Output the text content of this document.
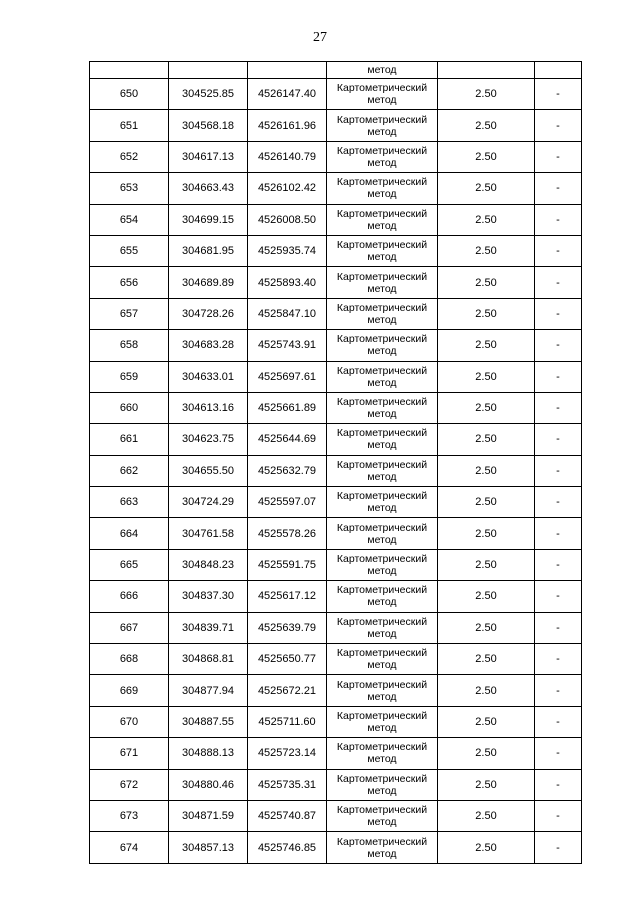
27
			метод		
650	304525.85	4526147.40	Картометрический
метод	2.50	-
651	304568.18	4526161.96	Картометрический
метод	2.50	-
652	304617.13	4526140.79	Картометрический
метод	2.50	-
653	304663.43	4526102.42	Картометрический
метод	2.50	-
654	304699.15	4526008.50	Картометрический
метод	2.50	-
655	304681.95	4525935.74	Картометрический
метод	2.50	-
656	304689.89	4525893.40	Картометрический
метод	2.50	-
657	304728.26	4525847.10	Картометрический
метод	2.50	-
658	304683.28	4525743.91	Картометрический
метод	2.50	-
659	304633.01	4525697.61	Картометрический
метод	2.50	-
660	304613.16	4525661.89	Картометрический
метод	2.50	-
661	304623.75	4525644.69	Картометрический
метод	2.50	-
662	304655.50	4525632.79	Картометрический
метод	2.50	-
663	304724.29	4525597.07	Картометрический
метод	2.50	-
664	304761.58	4525578.26	Картометрический
метод	2.50	-
665	304848.23	4525591.75	Картометрический
метод	2.50	-
666	304837.30	4525617.12	Картометрический
метод	2.50	-
667	304839.71	4525639.79	Картометрический
метод	2.50	-
668	304868.81	4525650.77	Картометрический
метод	2.50	-
669	304877.94	4525672.21	Картометрический
метод	2.50	-
670	304887.55	4525711.60	Картометрический
метод	2.50	-
671	304888.13	4525723.14	Картометрический
метод	2.50	-
672	304880.46	4525735.31	Картометрический
метод	2.50	-
673	304871.59	4525740.87	Картометрический
метод	2.50	-
674	304857.13	4525746.85	Картометрический
метод	2.50	-
